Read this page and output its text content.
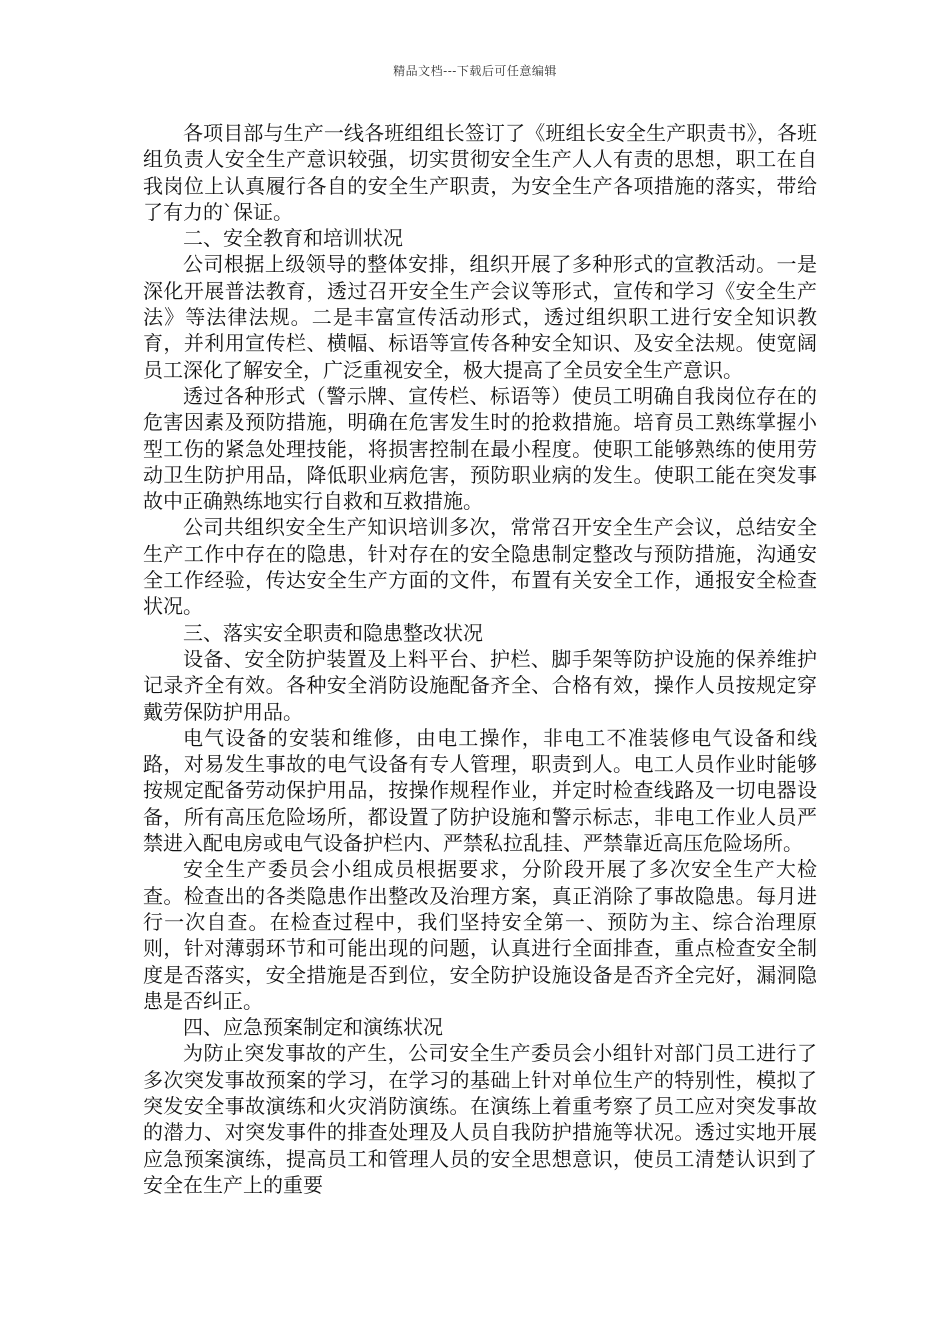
精品文档---下载后可任意编辑

各项目部与生产一线各班组组长签订了《班组长安全生产职责书》，各班组负责人安全生产意识较强，切实贯彻安全生产人人有责的思想，职工在自我岗位上认真履行各自的安全生产职责，为安全生产各项措施的落实，带给了有力的`保证。

二、安全教育和培训状况

公司根据上级领导的整体安排，组织开展了多种形式的宣教活动。一是深化开展普法教育，透过召开安全生产会议等形式，宣传和学习《安全生产法》等法律法规。二是丰富宣传活动形式，透过组织职工进行安全知识教育，并利用宣传栏、横幅、标语等宣传各种安全知识、及安全法规。使宽阔员工深化了解安全，广泛重视安全，极大提高了全员安全生产意识。

透过各种形式（警示牌、宣传栏、标语等）使员工明确自我岗位存在的危害因素及预防措施，明确在危害发生时的抢救措施。培育员工熟练掌握小型工伤的紧急处理技能，将损害控制在最小程度。使职工能够熟练的使用劳动卫生防护用品，降低职业病危害，预防职业病的发生。使职工能在突发事故中正确熟练地实行自救和互救措施。

公司共组织安全生产知识培训多次，常常召开安全生产会议，总结安全生产工作中存在的隐患，针对存在的安全隐患制定整改与预防措施，沟通安全工作经验，传达安全生产方面的文件，布置有关安全工作，通报安全检查状况。

三、落实安全职责和隐患整改状况

设备、安全防护装置及上料平台、护栏、脚手架等防护设施的保养维护记录齐全有效。各种安全消防设施配备齐全、合格有效，操作人员按规定穿戴劳保防护用品。

电气设备的安装和维修，由电工操作，非电工不准装修电气设备和线路，对易发生事故的电气设备有专人管理，职责到人。电工人员作业时能够按规定配备劳动保护用品，按操作规程作业，并定时检查线路及一切电器设备，所有高压危险场所，都设置了防护设施和警示标志，非电工作业人员严禁进入配电房或电气设备护栏内、严禁私拉乱挂、严禁靠近高压危险场所。

安全生产委员会小组成员根据要求，分阶段开展了多次安全生产大检查。检查出的各类隐患作出整改及治理方案，真正消除了事故隐患。每月进行一次自查。在检查过程中，我们坚持安全第一、预防为主、综合治理原则，针对薄弱环节和可能出现的问题，认真进行全面排查，重点检查安全制度是否落实，安全措施是否到位，安全防护设施设备是否齐全完好，漏洞隐患是否纠正。

四、应急预案制定和演练状况

为防止突发事故的产生，公司安全生产委员会小组针对部门员工进行了多次突发事故预案的学习，在学习的基础上针对单位生产的特别性，模拟了突发安全事故演练和火灾消防演练。在演练上着重考察了员工应对突发事故的潜力、对突发事件的排查处理及人员自我防护措施等状况。透过实地开展应急预案演练，提高员工和管理人员的安全思想意识，使员工清楚认识到了安全在生产上的重要
